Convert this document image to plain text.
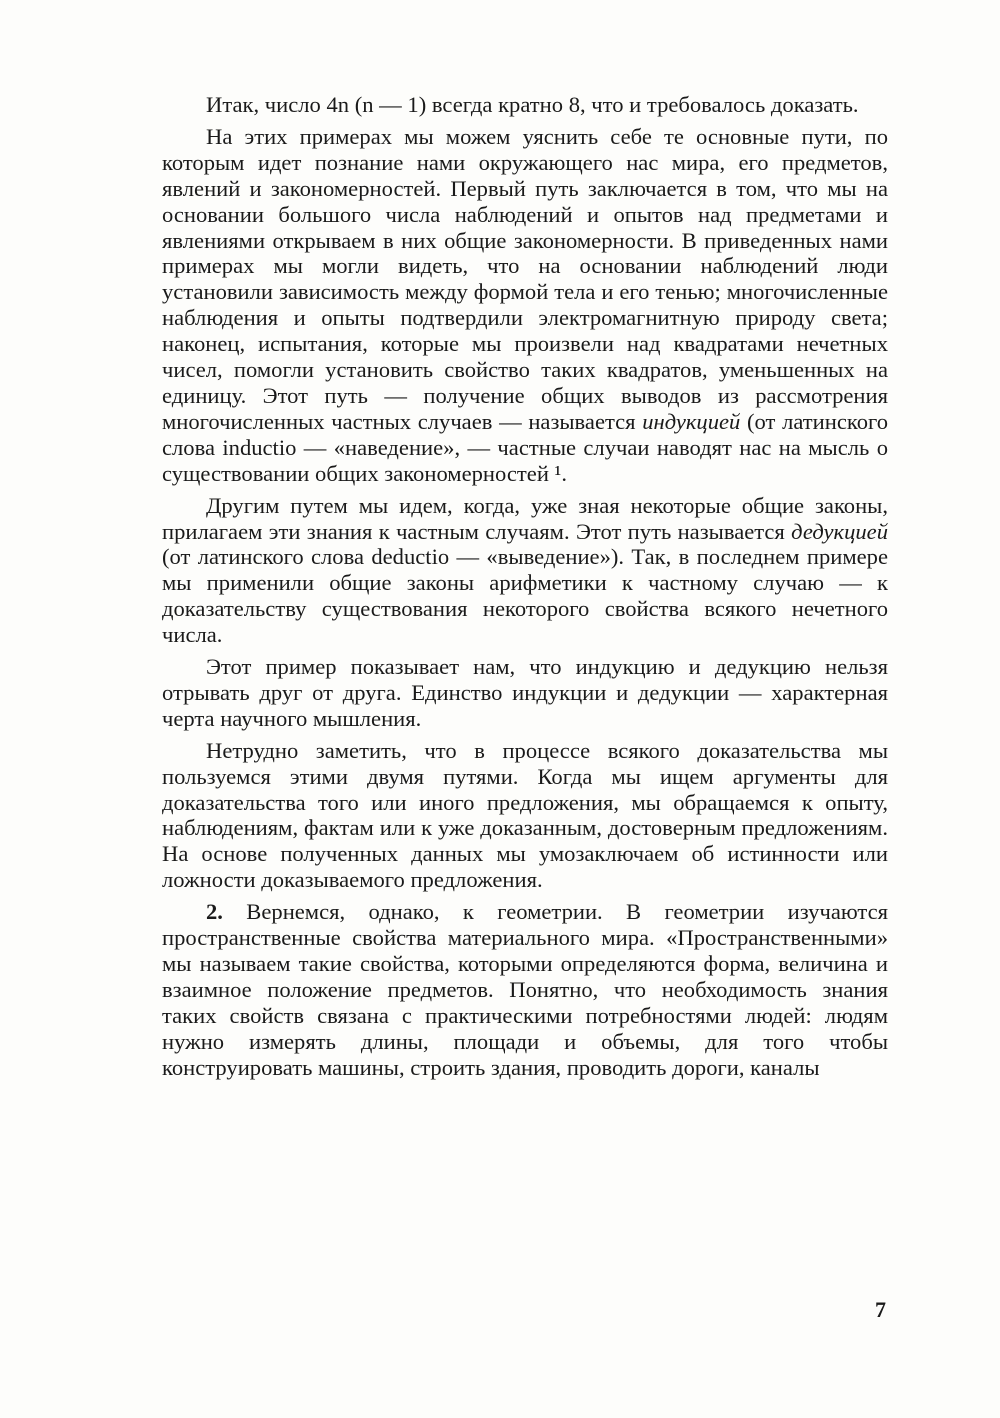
Итак, число 4n (n — 1) всегда кратно 8, что и требовалось доказать.

На этих примерах мы можем уяснить себе те основные пути, по которым идет познание нами окружающего нас мира, его предметов, явлений и закономерностей. Первый путь заключается в том, что мы на основании большого числа наблюдений и опытов над предметами и явлениями открываем в них общие закономерности. В приведенных нами примерах мы могли видеть, что на основании наблюдений люди установили зависимость между формой тела и его тенью; многочисленные наблюдения и опыты подтвердили электромагнитную природу света; наконец, испытания, которые мы произвели над квадратами нечетных чисел, помогли установить свойство таких квадратов, уменьшенных на единицу. Этот путь — получение общих выводов из рассмотрения многочисленных частных случаев — называется индукцией (от латинского слова inductio — «наведение», — частные случаи наводят нас на мысль о существовании общих закономерностей ¹.

Другим путем мы идем, когда, уже зная некоторые общие законы, прилагаем эти знания к частным случаям. Этот путь называется дедукцией (от латинского слова deductio — «выведение»). Так, в последнем примере мы применили общие законы арифметики к частному случаю — к доказательству существования некоторого свойства всякого нечетного числа.

Этот пример показывает нам, что индукцию и дедукцию нельзя отрывать друг от друга. Единство индукции и дедукции — характерная черта научного мышления.

Нетрудно заметить, что в процессе всякого доказательства мы пользуемся этими двумя путями. Когда мы ищем аргументы для доказательства того или иного предложения, мы обращаемся к опыту, наблюдениям, фактам или к уже доказанным, достоверным предложениям. На основе полученных данных мы умозаключаем об истинности или ложности доказываемого предложения.

2. Вернемся, однако, к геометрии. В геометрии изучаются пространственные свойства материального мира. «Пространственными» мы называем такие свойства, которыми определяются форма, величина и взаимное положение предметов. Понятно, что необходимость знания таких свойств связана с практическими потребностями людей: людям нужно измерять длины, площади и объемы, для того чтобы конструировать машины, строить здания, проводить дороги, каналы

7
